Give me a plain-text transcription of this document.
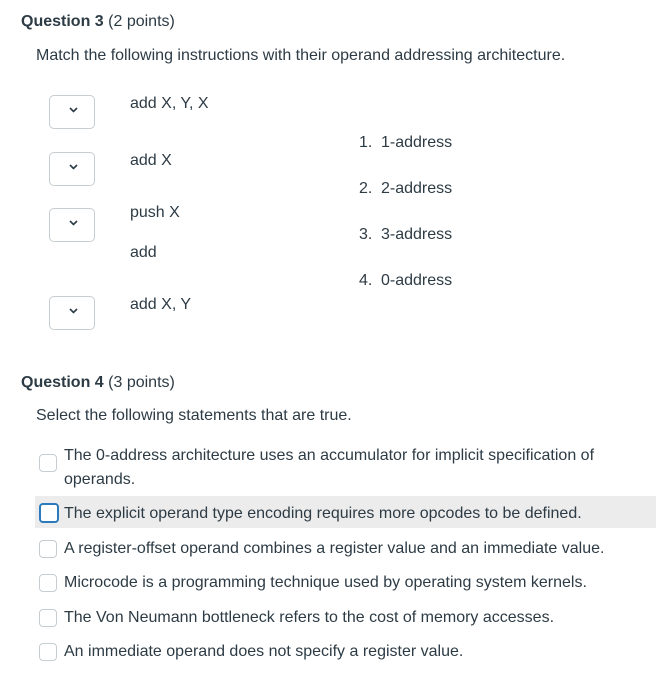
Question 3 (2 points)
Match the following instructions with their operand addressing architecture.
add X, Y, X
add X
push X
add
add X, Y
1. 1-address
2. 2-address
3. 3-address
4. 0-address
Question 4 (3 points)
Select the following statements that are true.
The 0-address architecture uses an accumulator for implicit specification of operands.
The explicit operand type encoding requires more opcodes to be defined.
A register-offset operand combines a register value and an immediate value.
Microcode is a programming technique used by operating system kernels.
The Von Neumann bottleneck refers to the cost of memory accesses.
An immediate operand does not specify a register value.
